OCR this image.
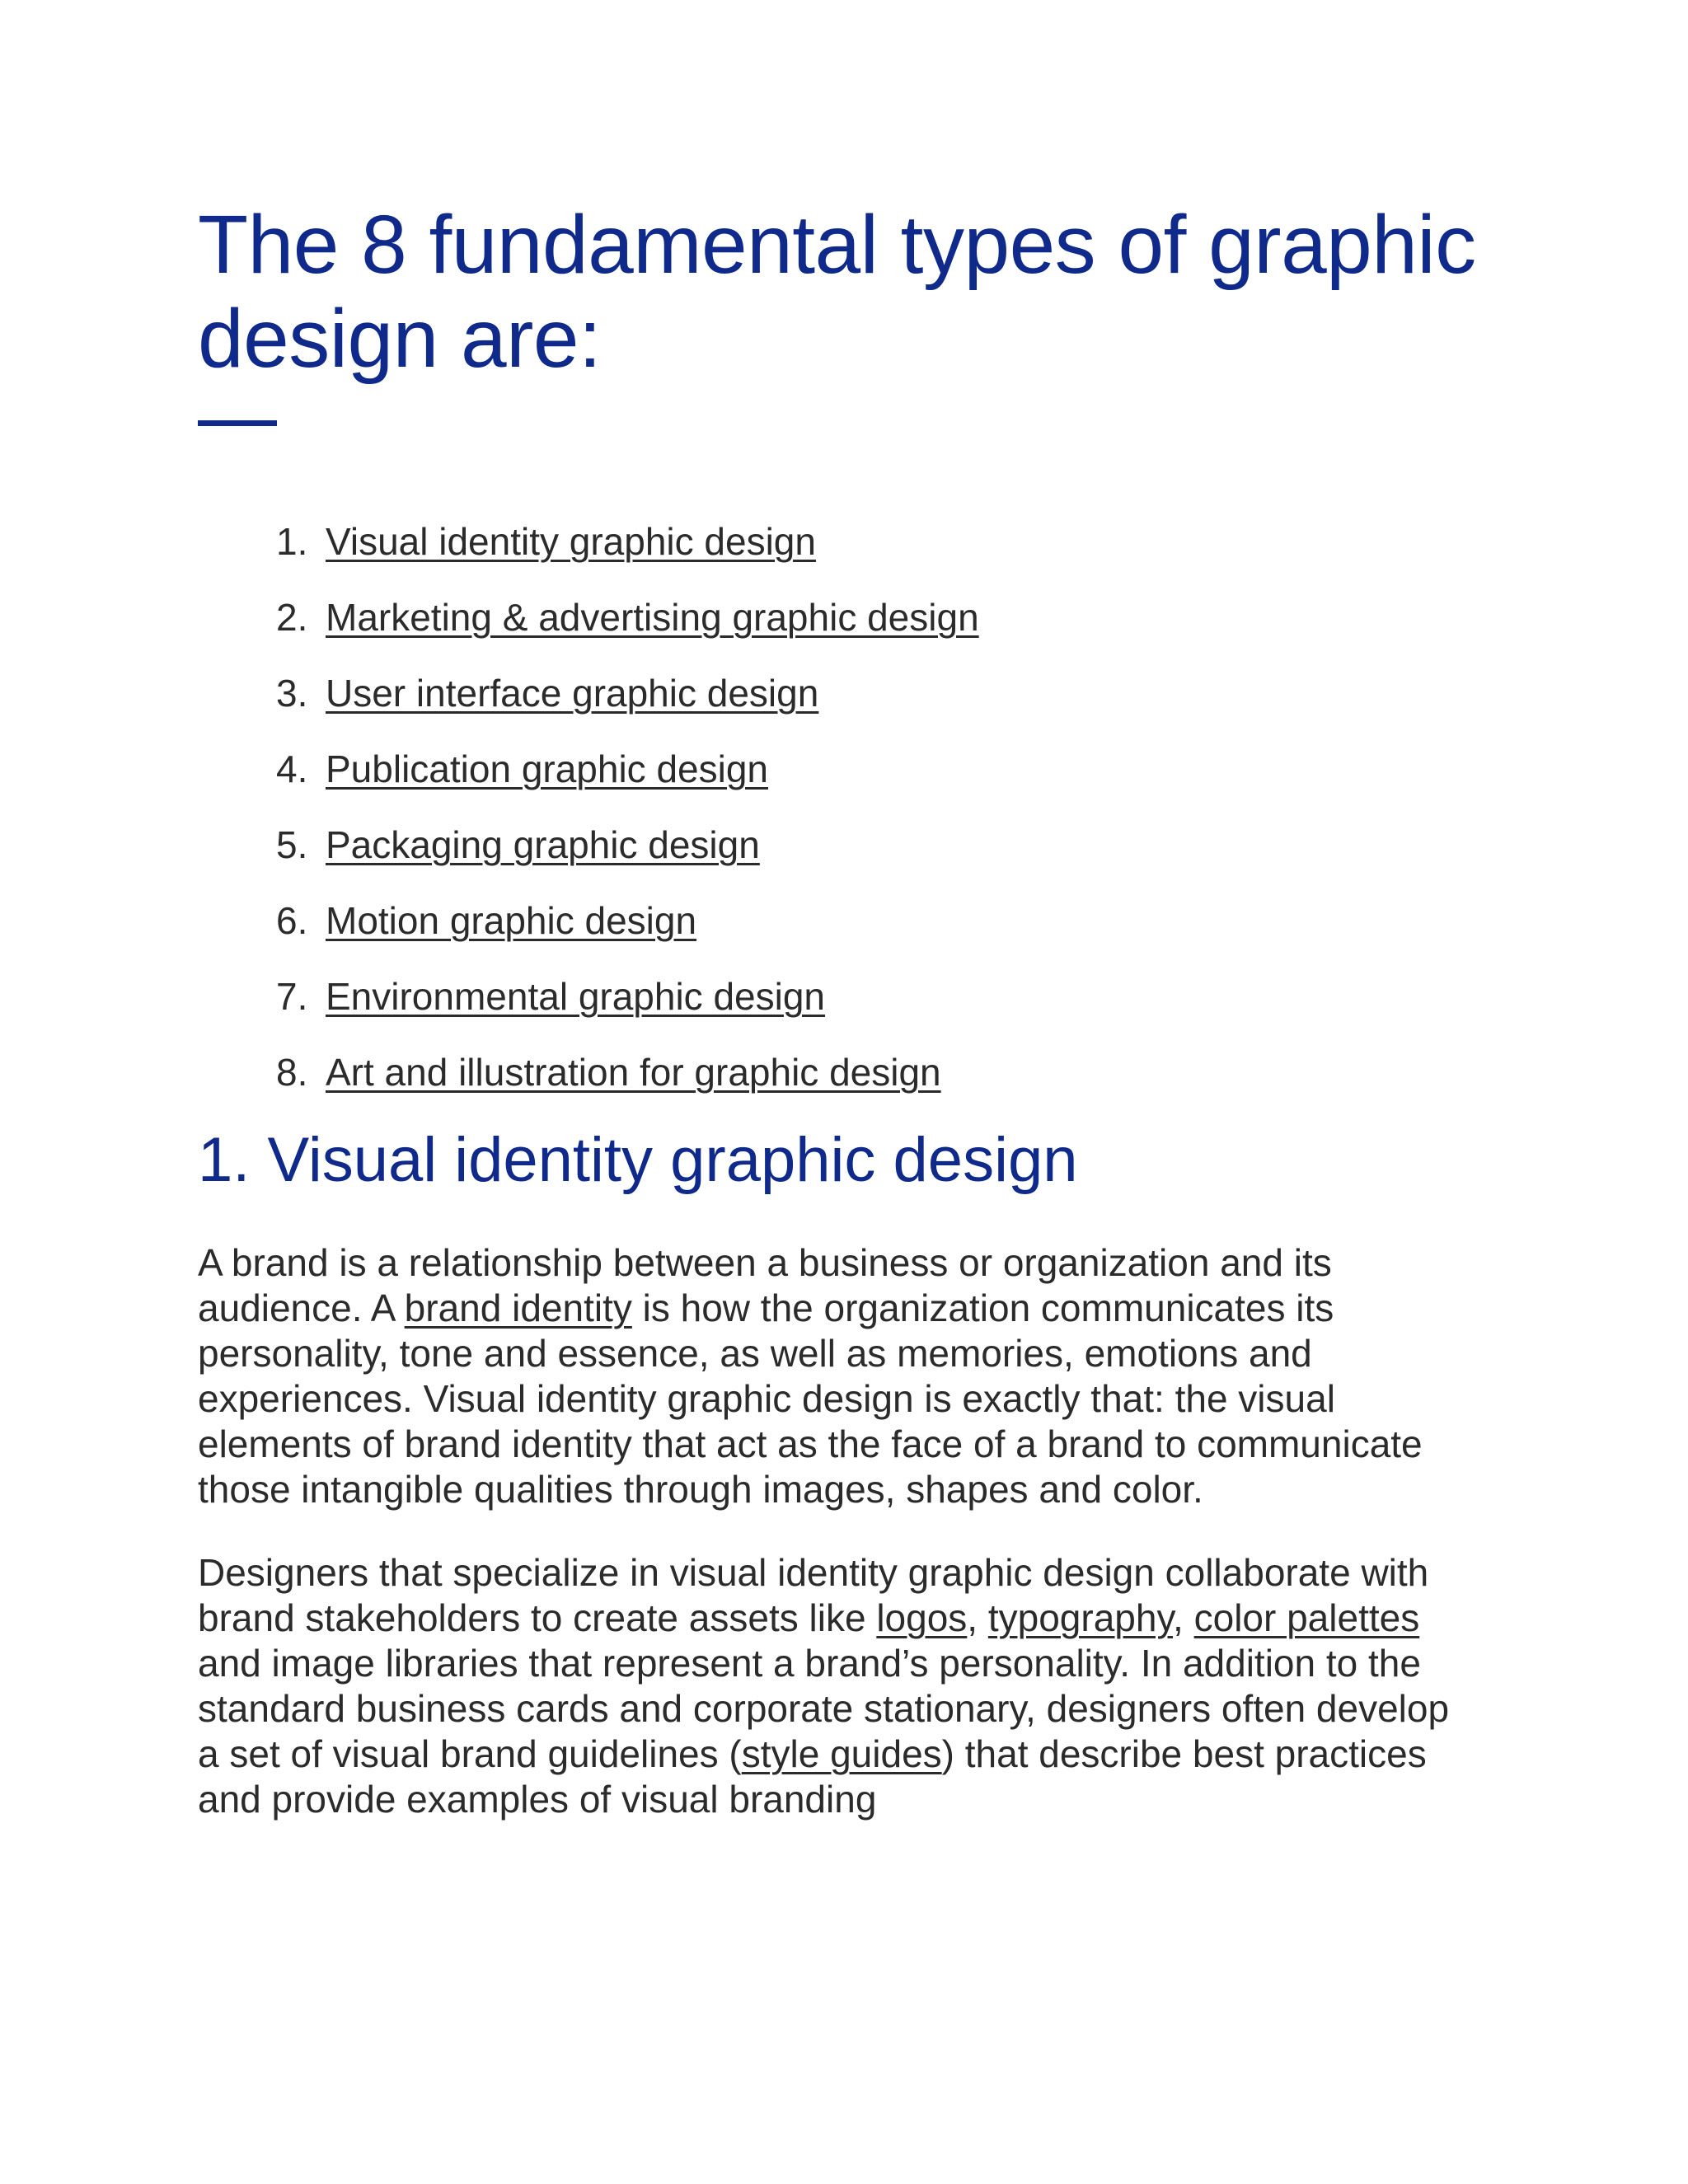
The 8 fundamental types of graphic design are:
1. Visual identity graphic design
2. Marketing & advertising graphic design
3. User interface graphic design
4. Publication graphic design
5. Packaging graphic design
6. Motion graphic design
7. Environmental graphic design
8. Art and illustration for graphic design
1. Visual identity graphic design

A brand is a relationship between a business or organization and its audience. A brand identity is how the organization communicates its personality, tone and essence, as well as memories, emotions and experiences. Visual identity graphic design is exactly that: the visual elements of brand identity that act as the face of a brand to communicate those intangible qualities through images, shapes and color.

Designers that specialize in visual identity graphic design collaborate with brand stakeholders to create assets like logos, typography, color palettes and image libraries that represent a brand’s personality. In addition to the standard business cards and corporate stationary, designers often develop a set of visual brand guidelines (style guides) that describe best practices and provide examples of visual branding
